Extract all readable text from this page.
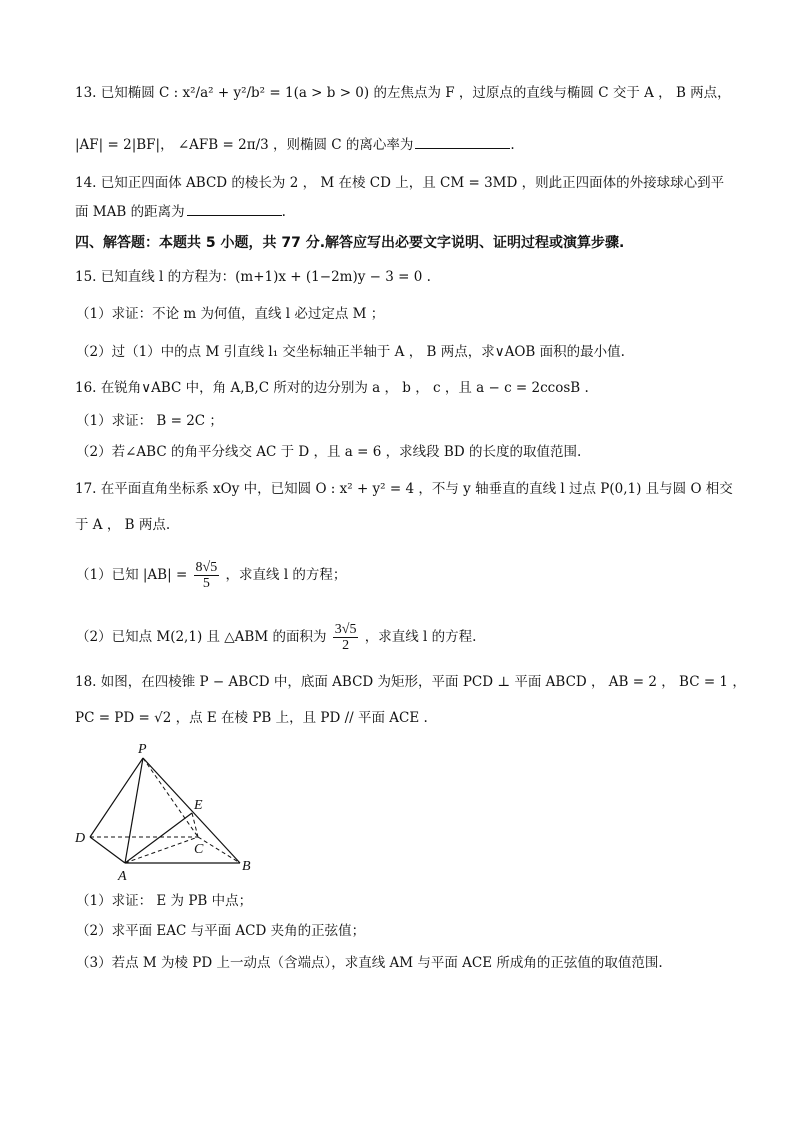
13. 已知椭圆 C : x²/a² + y²/b² = 1(a > b > 0) 的左焦点为 F ，过原点的直线与椭圆 C 交于 A ， B 两点，
|AF| = 2|BF|， ∠AFB = 2π/3 ，则椭圆 C 的离心率为	.
14. 已知正四面体 ABCD 的棱长为 2 ， M 在棱 CD 上，且 CM = 3MD ，则此正四面体的外接球球心到平
面 MAB 的距离为	.
四、解答题：本题共 5 小题，共 77 分.解答应写出必要文字说明、证明过程或演算步骤.
15. 已知直线 l 的方程为：(m+1)x + (1−2m)y − 3 = 0 .
（1）求证：不论 m 为何值，直线 l 必过定点 M ；
（2）过（1）中的点 M 引直线 l₁ 交坐标轴正半轴于 A ， B 两点，求∨AOB 面积的最小值.
16. 在锐角∨ABC 中，角 A,B,C 所对的边分别为 a ， b ， c ，且 a − c = 2ccosB .
（1）求证： B = 2C ；
（2）若∠ABC 的角平分线交 AC 于 D ，且 a = 6 ，求线段 BD 的长度的取值范围.
17. 在平面直角坐标系 xOy 中，已知圆 O : x² + y² = 4 ，不与 y 轴垂直的直线 l 过点 P(0,1) 且与圆 O 相交
于 A ， B 两点.
（1）已知 $|AB| = \frac{8√5}{5}$ ，求直线 l 的方程；
（2）已知点 M(2,1) 且 △ABM 的面积为 $\frac{3√5}{2}$ ，求直线 l 的方程.
18. 如图，在四棱锥 P − ABCD 中，底面 ABCD 为矩形，平面 PCD ⊥ 平面 ABCD ， AB = 2 ， BC = 1 ，
PC = PD = √2 ，点 E 在棱 PB 上，且 PD // 平面 ACE .
P
E
D
C
A
B
（1）求证： E 为 PB 中点；
（2）求平面 EAC 与平面 ACD 夹角的正弦值；
（3）若点 M 为棱 PD 上一动点（含端点），求直线 AM 与平面 ACE 所成角的正弦值的取值范围.
